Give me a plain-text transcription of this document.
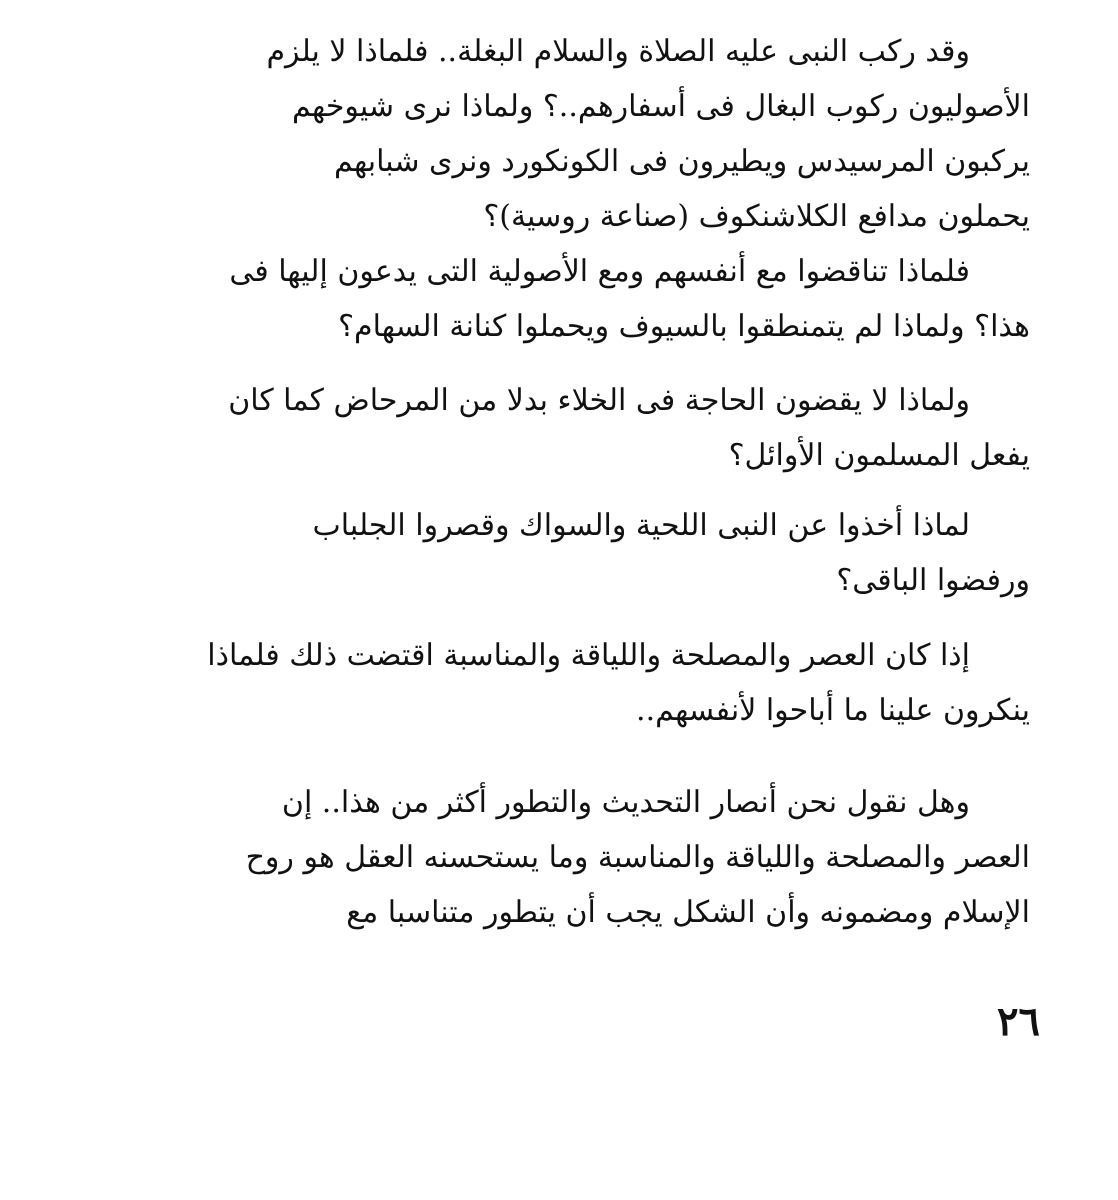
وقد ركب النبى عليه الصلاة والسلام البغلة.. فلماذا لا يلزم
الأصوليون ركوب البغال فى أسفارهم..؟ ولماذا نرى شيوخهم
يركبون المرسيدس ويطيرون فى الكونكورد ونرى شبابهم
يحملون مدافع الكلاشنكوف (صناعة روسية)؟

فلماذا تناقضوا مع أنفسهم ومع الأصولية التى يدعون إليها فى
هذا؟ ولماذا لم يتمنطقوا بالسيوف ويحملوا كنانة السهام؟

ولماذا لا يقضون الحاجة فى الخلاء بدلا من المرحاض كما كان
يفعل المسلمون الأوائل؟

لماذا أخذوا عن النبى اللحية والسواك وقصروا الجلباب
ورفضوا الباقى؟

إذا كان العصر والمصلحة واللياقة والمناسبة اقتضت ذلك فلماذا
ينكرون علينا ما أباحوا لأنفسهم..

وهل نقول نحن أنصار التحديث والتطور أكثر من هذا.. إن
العصر والمصلحة واللياقة والمناسبة وما يستحسنه العقل هو روح
الإسلام ومضمونه وأن الشكل يجب أن يتطور متناسبا مع

٢٦
